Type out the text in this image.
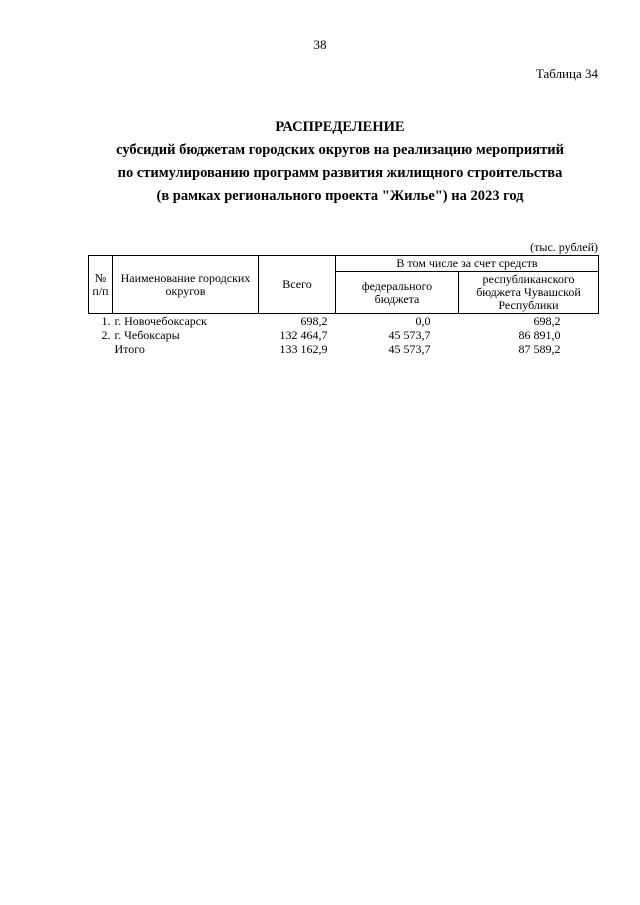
38
Таблица 34
РАСПРЕДЕЛЕНИЕ
субсидий бюджетам городских округов на реализацию мероприятий
по стимулированию программ развития жилищного строительства
(в рамках регионального проекта "Жилье") на 2023 год
(тыс. рублей)
№ п/п	Наименование городских округов	Всего	В том числе за счет средств	
			федерального бюджета	республиканского бюджета Чувашской Республики
1.	г. Новочебоксарск	698,2	0,0	698,2
2.	г. Чебоксары	132 464,7	45 573,7	86 891,0
	Итого	133 162,9	45 573,7	87 589,2
